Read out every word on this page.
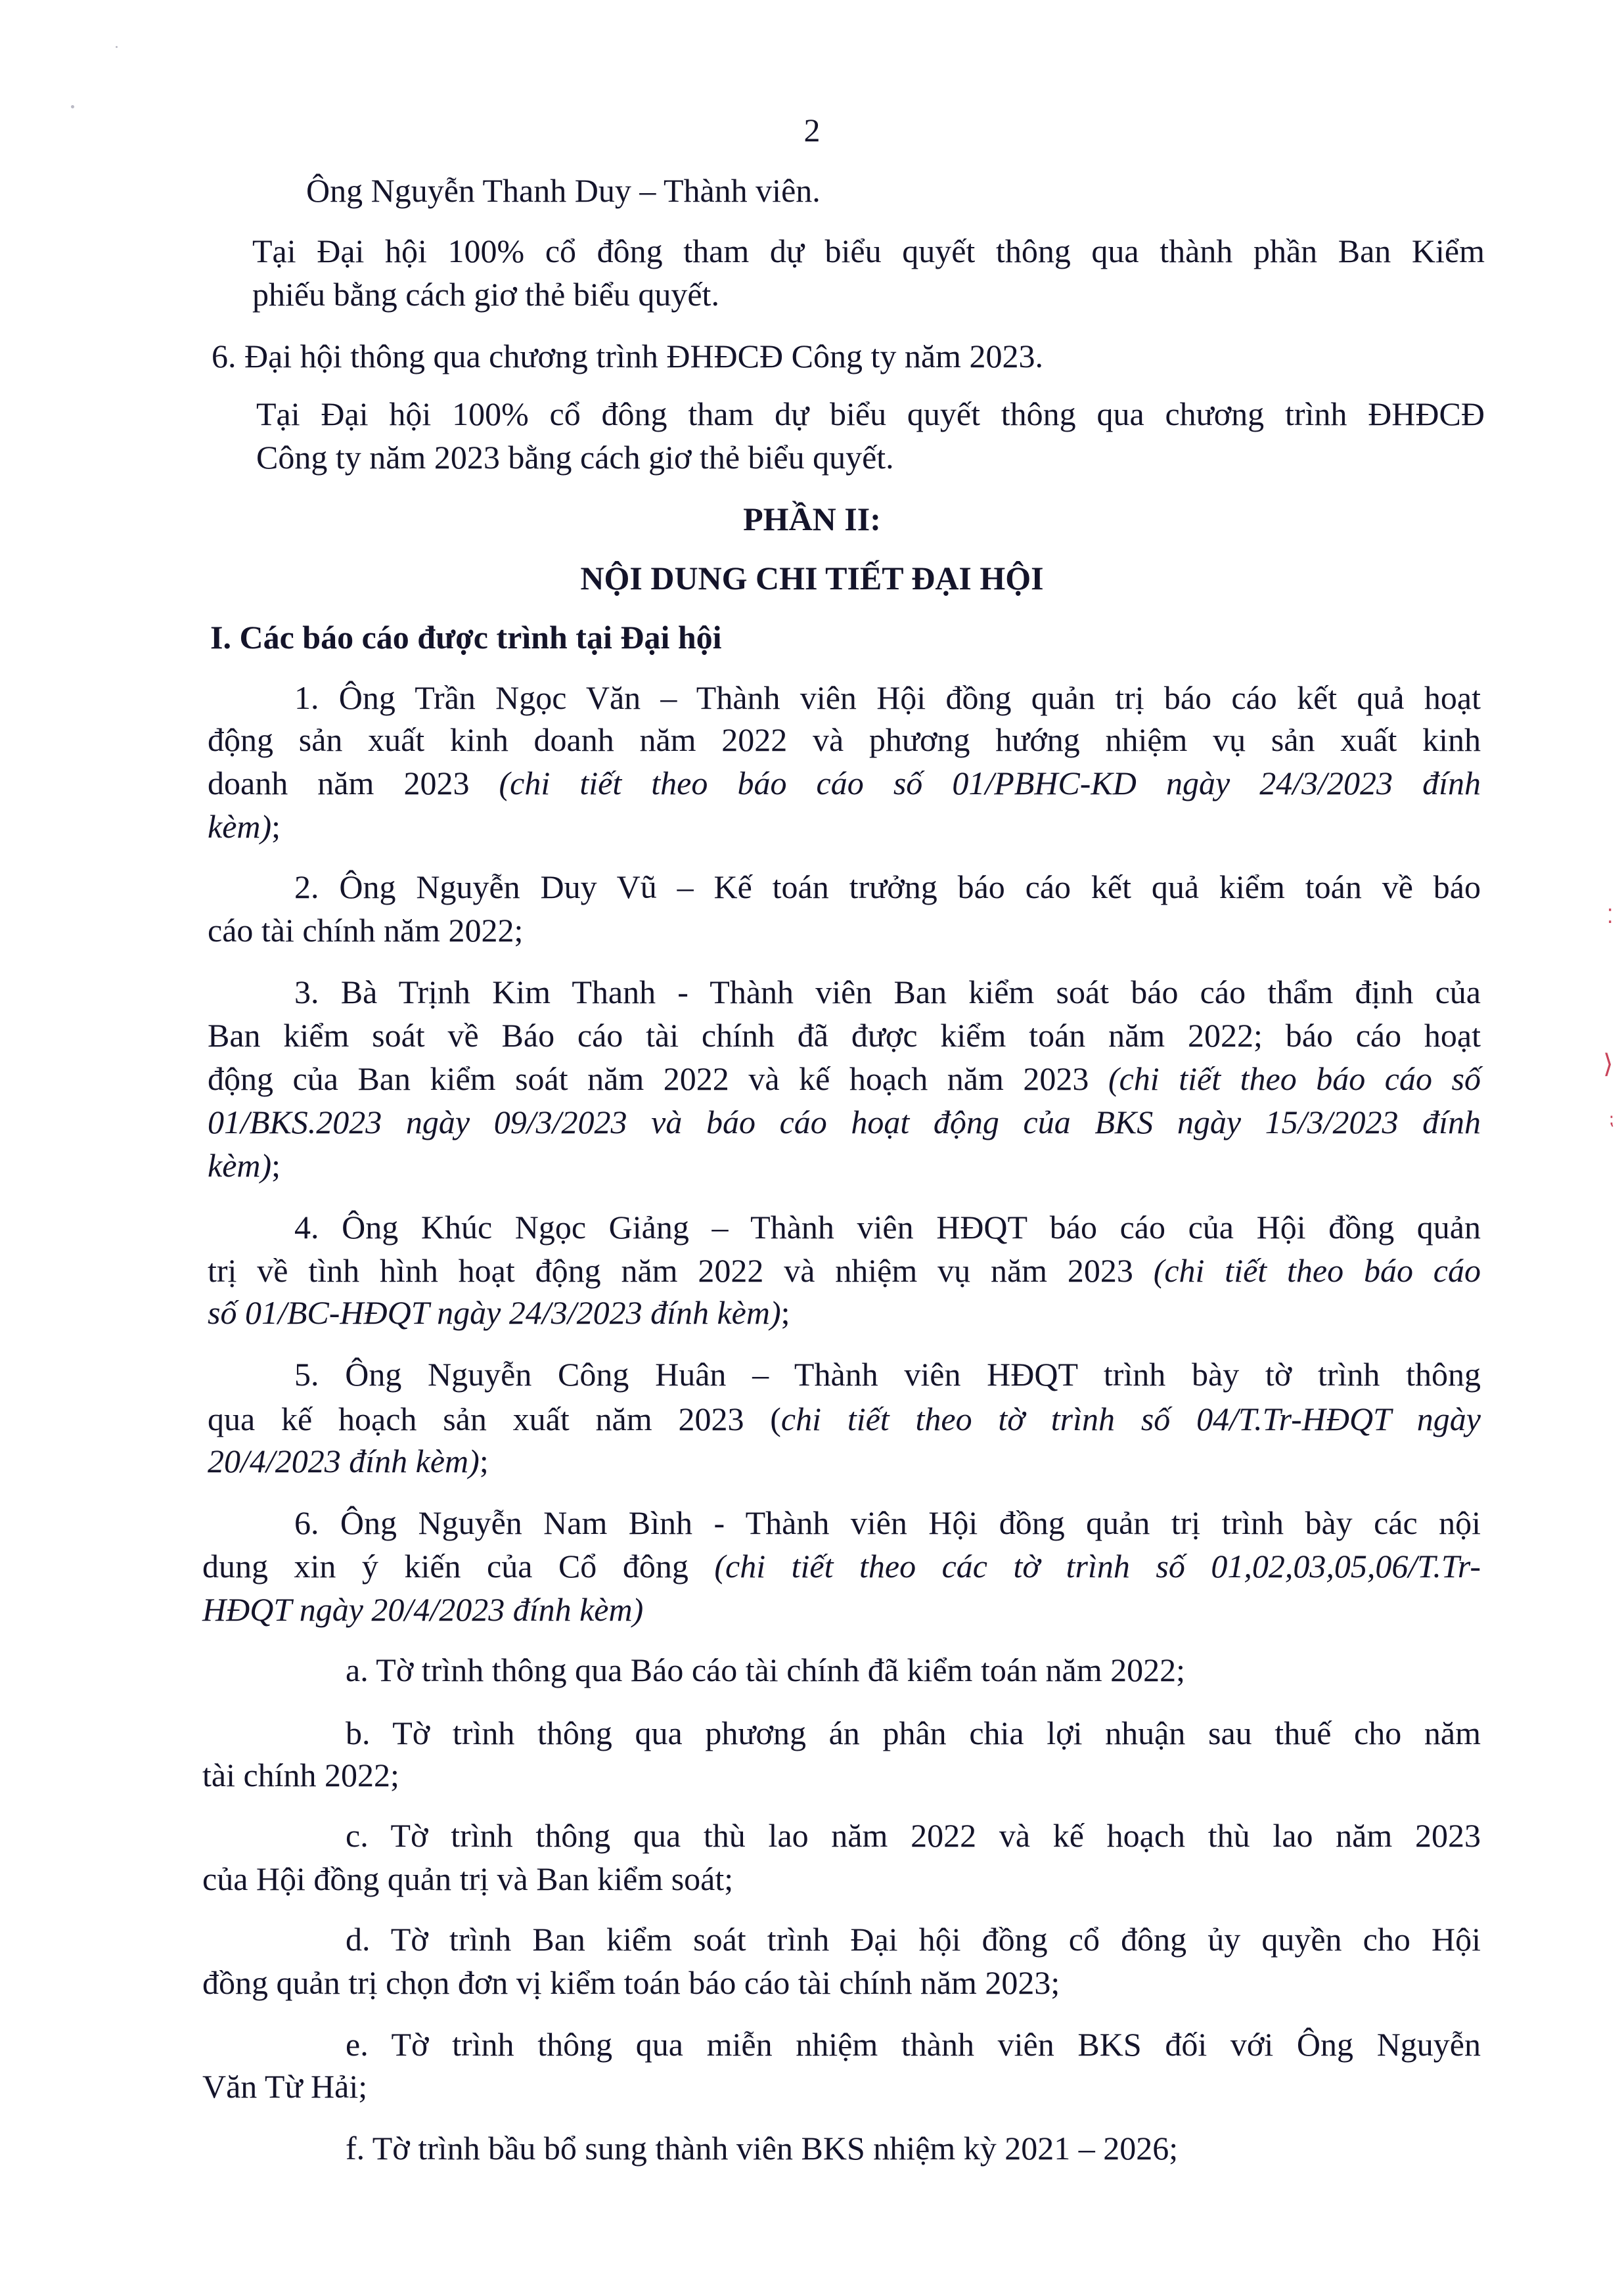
2
Ông Nguyễn Thanh Duy – Thành viên.
Tại Đại hội 100% cổ đông tham dự biểu quyết thông qua thành phần Ban Kiểm
phiếu bằng cách giơ thẻ biểu quyết.
6. Đại hội thông qua chương trình ĐHĐCĐ Công ty năm 2023.
Tại Đại hội 100% cổ đông tham dự biểu quyết thông qua chương trình ĐHĐCĐ
Công ty năm 2023 bằng cách giơ thẻ biểu quyết.
PHẦN II:
NỘI DUNG CHI TIẾT ĐẠI HỘI
I. Các báo cáo được trình tại Đại hội
1. Ông Trần Ngọc Văn – Thành viên Hội đồng quản trị báo cáo kết quả hoạt
động sản xuất kinh doanh năm 2022 và phương hướng nhiệm vụ sản xuất kinh
doanh năm 2023 (chi tiết theo báo cáo số 01/PBHC-KD ngày 24/3/2023 đính
kèm);
2. Ông Nguyễn Duy Vũ – Kế toán trưởng báo cáo kết quả kiểm toán về báo
cáo tài chính năm 2022;
3. Bà Trịnh Kim Thanh - Thành viên Ban kiểm soát báo cáo thẩm định của
Ban kiểm soát về Báo cáo tài chính đã được kiểm toán năm 2022; báo cáo hoạt
động của Ban kiểm soát năm 2022 và kế hoạch năm 2023 (chi tiết theo báo cáo số
01/BKS.2023 ngày 09/3/2023 và báo cáo hoạt động của BKS ngày 15/3/2023 đính
kèm);
4. Ông Khúc Ngọc Giảng – Thành viên HĐQT báo cáo của Hội đồng quản
trị về tình hình hoạt động năm 2022 và nhiệm vụ năm 2023 (chi tiết theo báo cáo
số 01/BC-HĐQT ngày 24/3/2023 đính kèm);
5. Ông Nguyễn Công Huân – Thành viên HĐQT trình bày tờ trình thông
qua kế hoạch sản xuất năm 2023 (chi tiết theo tờ trình số 04/T.Tr-HĐQT ngày
20/4/2023 đính kèm);
6. Ông Nguyễn Nam Bình - Thành viên Hội đồng quản trị trình bày các nội
dung xin ý kiến của Cổ đông (chi tiết theo các tờ trình số 01,02,03,05,06/T.Tr-
HĐQT ngày 20/4/2023 đính kèm)
a. Tờ trình thông qua Báo cáo tài chính đã kiểm toán năm 2022;
b. Tờ trình thông qua phương án phân chia lợi nhuận sau thuế cho năm
tài chính 2022;
c. Tờ trình thông qua thù lao năm 2022 và kế hoạch thù lao năm 2023
của Hội đồng quản trị và Ban kiểm soát;
d. Tờ trình Ban kiểm soát trình Đại hội đồng cổ đông ủy quyền cho Hội
đồng quản trị chọn đơn vị kiểm toán báo cáo tài chính năm 2023;
e. Tờ trình thông qua miễn nhiệm thành viên BKS đối với Ông Nguyễn
Văn Từ Hải;
f. Tờ trình bầu bổ sung thành viên BKS nhiệm kỳ 2021 – 2026;
⁚
⟩
⁏
